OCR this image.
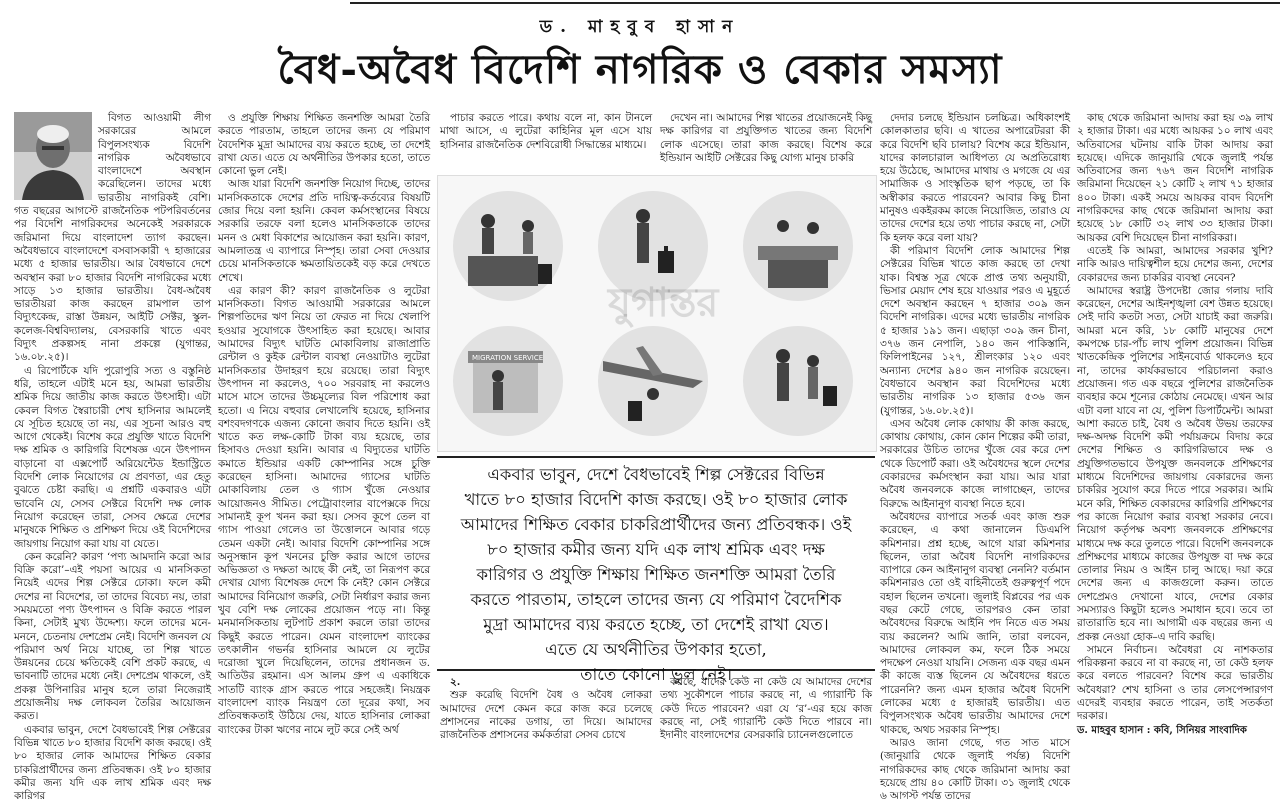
ড. মাহবুব হাসান
বৈধ-অবৈধ বিদেশি নাগরিক ও বেকার সমস্যা

বিগত আওয়ামী লীগ সরকারের আমলে বিপুলসংখ্যক বিদেশি নাগরিক অবৈধভাবে বাংলাদেশে অবস্থান করেছিলেন। তাদের মধ্যে ভারতীয় নাগরিকই বেশি। গত বছরের আগস্টে রাজনৈতিক পটপরিবর্তনের পর বিদেশি নাগরিকদের অনেকেই সরকারকে জরিমানা দিয়ে বাংলাদেশ ত্যাগ করছেন। অবৈধভাবে বাংলাদেশে বসবাসকারী ৭ হাজারের মধ্যে ৫ হাজার ভারতীয়। আর বৈধভাবে দেশে অবস্থান করা ৮০ হাজার বিদেশি নাগরিকের মধ্যে সাড়ে ১৩ হাজার ভারতীয়। বৈধ-অবৈধ ভারতীয়রা কাজ করছেন রামপাল তাপ বিদ্যুৎকেন্দ্র, রাস্তা উন্নয়ন, আইটি সেক্টর, স্কুল-কলেজ-বিশ্ববিদ্যালয়, বেসরকারি খাতে এবং বিদ্যুৎ প্রকল্পসহ নানা প্রকল্পে (যুগান্তর, ১৬.০৮.২৫)।

এ রিপোর্টকে যদি পুরোপুরি সত্য ও বস্তুনিষ্ঠ ধরি, তাহলে এটাই মনে হয়, আমরা ভারতীয় শ্রমিক দিয়ে জাতীয় কাজ করতে উৎসাহী। এটা কেবল বিগত স্বৈরাচারী শেখ হাসিনার আমলেই যে সূচিত হয়েছে তা নয়, এর সূচনা আরও বহু আগে থেকেই। বিশেষ করে প্রযুক্তি খাতে বিদেশি দক্ষ শ্রমিক ও কারিগরি বিশেষজ্ঞ এনে উৎপাদন বাড়ানো বা এক্সপোর্ট অরিয়েন্টেড ইন্ডাস্ট্রিতে বিদেশি লোক নিয়োগের যে প্রবণতা, এর হেতু বুঝতে চেষ্টা করছি। এ প্রশ্নটি একবারও এটা ভাবেনি যে, সেসব সেক্টরে বিদেশি দক্ষ লোক নিয়োগ করেছেন তারা, সেসব ক্ষেত্রে দেশের মানুষকে শিক্ষিত ও প্রশিক্ষণ দিয়ে ওই বিদেশিদের জায়গায় নিয়োগ করা যায় বা যেতে।

কেন করেনি? কারণ ‘পণ্য আমদানি করো আর বিক্রি করো’–এই পয়সা আয়ের এ মানসিকতা নিয়েই এদের শিল্প সেক্টরে ঢোকা। ফলে কমী দেশের না বিদেশের, তা তাদের বিবেচ্য নয়, তারা সময়মতো পণ্য উৎপাদন ও বিক্রি করতে পারল কিনা, সেটাই মুখ্য উদ্দেশ্য। ফলে তাদের মনে-মননে, চেতনায় দেশপ্রেম নেই। বিদেশি জনবল যে পরিমাণ অর্থ নিয়ে যাচ্ছে, তা শিল্প খাতে উন্নয়নের চেয়ে ক্ষতিকেই বেশি প্রকট করছে, এ ভাবনাটি তাদের মধ্যে নেই। দেশপ্রেম থাকলে, ওই প্রকল্প উপিনারির মানুষ হলে তারা নিজেরাই প্রয়োজনীয় দক্ষ লোকবল তৈরির আয়োজন করত।

একবার ভাবুন, দেশে বৈধভাবেই শিল্প সেক্টরের বিভিন্ন খাতে ৮০ হাজার বিদেশি কাজ করছে। ওই ৮০ হাজার লোক আমাদের শিক্ষিত বেকার চাকরিপ্রার্থীদের জন্য প্রতিবন্ধক। ওই ৮০ হাজার কমীর জন্য যদি এক লাখ শ্রমিক এবং দক্ষ কারিগর

ও প্রযুক্তি শিক্ষায় শিক্ষিত জনশক্তি আমরা তৈরি করতে পারতাম, তাহলে তাদের জন্য যে পরিমাণ বৈদেশিক মুদ্রা আমাদের ব্যয় করতে হচ্ছে, তা দেশেই রাখা যেত। এতে যে অর্থনীতির উপকার হতো, তাতে কোনো ভুল নেই।

আজ যারা বিদেশি জনশক্তি নিয়োগ দিচ্ছে, তাদের মানসিকতাকে দেশের প্রতি দায়িত্ব-কর্তব্যের বিষয়টি জোর দিয়ে বলা হয়নি। কেবল কর্মসংস্থানের বিষয়ে সরকারি তরফে বলা হলেও মানসিকতাকে তাদের মনন ও মেধা বিকাশের আয়োজন করা হয়নি। কারণ, আমলাতন্ত্র এ ব্যাপারে নিস্পৃহ। তারা সেবা দেওয়ার চেয়ে মানসিকতাকে ক্ষমতায়িতকেই বড় করে দেখতে শেখে।

এর কারণ কী? কারণ রাজনৈতিক ও লুটেরা মানসিকতা। বিগত আওয়ামী সরকারের আমলে শিল্পপতিদের ঋণ নিয়ে তা ফেরত না দিয়ে খেলাপি হওয়ার সুযোগকে উৎসাহিত করা হয়েছে। আবার আমাদের বিদ্যুৎ ঘাটতি মোকাবিলায় রাজাপ্রাতি রেন্টাল ও কুইক রেন্টাল ব্যবস্থা নেওয়াটাও লুটেরা মানসিকতার উদাহরণ হয়ে রয়েছে। তারা বিদ্যুৎ উৎপাদন না করলেও, ৭০০ সরবরাহ না করলেও মাসে মাসে তাদের উচ্চমূল্যের বিল পরিশোধ করা হতো। এ নিয়ে বহুবার লেখালেখি হয়েছে, হাসিনার বশংবদগণকে এজন্য কোনো জবাব দিতে হয়নি। ওই খাতে কত লক্ষ-কোটি টাকা ব্যয় হয়েছে, তার হিসাবও দেওয়া হয়নি। আবার এ বিদ্যুতের ঘাটতি কমাতে ইন্ডিয়ার একটি কোম্পানির সঙ্গে চুক্তি করেছেন হাসিনা। আমাদের গ্যাসের ঘাটতি মোকাবিলায় তেল ও গ্যাস খুঁজে নেওয়ার আয়োজনও সীমিত। পেট্রোবাংলার বাপেক্সকে দিয়ে সামান্যই কূপ খনন করা হয়। সেসব কূপে তেল বা গ্যাস পাওয়া গেলেও তা উত্তোলনে আবার গড়ে তেমন একটা নেই। আবার বিদেশি কোম্পানির সঙ্গে অনুসন্ধান কূপ খননের চুক্তি করার আগে তাদের অভিজ্ঞতা ও দক্ষতা আছে কী নেই, তা নিরূপণ করে দেখার যোগ্য বিশেষজ্ঞ দেশে কি নেই? কোন সেক্টরে আমাদের বিনিয়োগ জরুরি, সেটা নির্ধারণ করার জন্য খুব বেশি দক্ষ লোকের প্রয়োজন পড়ে না। কিন্তু মনমানসিকতায় লুটপাট প্রকাশ করলে তারা তাদের কিছুই করতে পারেন। যেমন বাংলাদেশ ব্যাংকের তৎকালীন গভর্নর হাসিনার আমলে যে লুটের দরোজা খুলে দিয়েছিলেন, তাদের প্রধানজন ড. আতিউর রহমান। এস আলম গ্রুপ এ একাধিকে সাতটি ব্যাংক গ্রাস করতে পারে সহজেই। নিয়ন্ত্রক বাংলাদেশ ব্যাংক নিয়ন্ত্রণ তো দূরের কথা, সব প্রতিবন্ধকতাই উঠিয়ে দেয়, যাতে হাসিনার লোকরা ব্যাংকের টাকা ঋণের নামে লুট করে সেই অর্থ

পাচার করতে পারে। কথায় বলে না, কান টানলে মাথা আসে, এ লুটেরা কাহিনির মূল এসে যায় হাসিনার রাজনৈতিক দেশবিরোধী সিদ্ধান্তের মাধ্যমে।

দেখেন না। আমাদের শিল্প খাতের প্রয়োজনেই কিছু দক্ষ কারিগর বা প্রযুক্তিগত খাতের জন্য বিদেশি লোক এসেছে। তারা কাজ করছে। বিশেষ করে ইন্ডিয়ান আইটি সেক্টরের কিছু যোগ্য মানুষ চাকরি

MIGRATION SERVICE
যুগান্তর
একবার ভাবুন, দেশে বৈধভাবেই শিল্প সেক্টরের বিভিন্ন
খাতে ৮০ হাজার বিদেশি কাজ করছে। ওই ৮০ হাজার লোক
আমাদের শিক্ষিত বেকার চাকরিপ্রার্থীদের জন্য প্রতিবন্ধক। ওই
৮০ হাজার কমীর জন্য যদি এক লাখ শ্রমিক এবং দক্ষ
কারিগর ও প্রযুক্তি শিক্ষায় শিক্ষিত জনশক্তি আমরা তৈরি
করতে পারতাম, তাহলে তাদের জন্য যে পরিমাণ বৈদেশিক
মুদ্রা আমাদের ব্যয় করতে হচ্ছে, তা দেশেই রাখা যেত।
এতে যে অর্থনীতির উপকার হতো,
তাতে কোনো ভুল নেই।

২.

শুরু করেছি বিদেশি বৈধ ও অবৈধ লোকরা আমাদের দেশে কেমন করে কাজ করে চলেছে প্রশাসনের নাকের ডগায়, তা দিয়ে। আমাদের রাজনৈতিক প্রশাসনের কর্মকর্তারা সেসব চোখে

করছে, যাদের কেউ না কেউ যে আমাদের দেশের তথ্য সুকৌশলে পাচার করছে না, এ গ্যারান্টি কি কেউ দিতে পারবেন? এরা যে ‘র’-এর হয়ে কাজ করছে না, সেই গ্যারান্টি কেউ দিতে পারবে না। ইদানীং বাংলাদেশের বেসরকারি চ্যানেলগুলোতে

দেদার চলছে ইন্ডিয়ান চলচ্চিত্র। অধিকাংশই কোলকাতার ছবি। এ খাতের অপারেটররা কী করে বিদেশি ছবি চালায়? বিশেষ করে ইন্ডিয়ান, যাদের কালচারাল আধিপত্য যে অপ্রতিরোধ্য হয়ে উঠেছে, আমাদের মাথায় ও মগজে যে এর সামাজিক ও সাংস্কৃতিক ছাপ পড়ছে, তা কি অস্বীকার করতে পারবেন? আবার কিছু চীনা মানুষও একইরকম কাজে নিয়োজিত, তারাও যে তাদের দেশের হয়ে তথ্য পাচার করছে না, সেটা কি হলফ করে বলা যায়?

কী পরিমাণ বিদেশি লোক আমাদের শিল্প সেক্টরের বিভিন্ন খাতে কাজ করছে তা দেখা যাক। বিশ্বস্ত সূত্র থেকে প্রাপ্ত তথ্য অনুযায়ী, ভিসার মেয়াদ শেষ হয়ে যাওয়ার পরও এ মুহূর্তে দেশে অবস্থান করছেন ৭ হাজার ৩০৯ জন বিদেশি নাগরিক। এদের মধ্যে ভারতীয় নাগরিক ৫ হাজার ১৯১ জন। এছাড়া ৩০৯ জন চীনা, ৩৭৬ জন নেপালি, ১৪০ জন পাকিস্তানি, ফিলিপাইনের ১২৭, শ্রীলংকার ১২০ এবং অন্যান্য দেশের ৯৪০ জন নাগরিক রয়েছেন। বৈধভাবে অবস্থান করা বিদেশিদের মধ্যে ভারতীয় নাগরিক ১৩ হাজার ৫৩৬ জন (যুগান্তর, ১৬.০৮.২৫)।

এসব অবৈধ লোক কোথায় কী কাজ করছে, কোথায় কোথায়, কোন কোন শিল্পের কমী তারা, সরকারের উচিত তাদের খুঁজে বের করে দেশ থেকে ডিপোর্ট করা। ওই অবৈধদের স্থলে দেশের বেকারদের কর্মসংস্থান করা যায়। আর যারা অবৈধ জনবলকে কাজে লাগাচ্ছেন, তাদের বিরুদ্ধে আইনানুগ ব্যবস্থা নিতে হবে।

অবৈধদের ব্যাপারে সতর্ক এবং কাজ শুরু করেছেন, এ কথা জানালেন ডিএমপি কমিশনার। প্রশ্ন হচ্ছে, আগে যারা কমিশনার ছিলেন, তারা অবৈধ বিদেশি নাগরিকদের ব্যাপারে কেন আইনানুগ ব্যবস্থা নেননি? বর্তমান কমিশনারও তো ওই বাহিনীতেই গুরুত্বপূর্ণ পদে বহাল ছিলেন তখনো। জুলাই বিপ্লবের পর এক বছর কেটে গেছে, তারপরও কেন তারা অবৈধদের বিরুদ্ধে আইনি পদ নিতে এত সময় ব্যয় করলেন? আমি জানি, তারা বলবেন, আমাদের লোকবল কম, ফলে ঠিক সময়ে পদক্ষেপ নেওয়া যায়নি। সেজন্য এক বছর এমন কী কাজে ব্যস্ত ছিলেন যে অবৈধদের ধরতে পারেননি? জন্য এমন হাজার অবৈধ বিদেশি লোকের মধ্যে ৫ হাজারই ভারতীয়। এত বিপুলসংখ্যক অবৈধ ভারতীয় আমাদের দেশে থাকছে, অথচ সরকার নিস্পৃহ।

আরও জানা গেছে, গত সাত মাসে (জানুয়ারি থেকে জুলাই পর্যন্ত) বিদেশি নাগরিকদের কাছ থেকে জরিমানা আদায় করা হয়েছে প্রায় ৪০ কোটি টাকা। ৩১ জুলাই থেকে ৬ আগস্ট পর্যন্ত তাদের

কাছ থেকে জরিমানা আদায় করা হয় ৩৯ লাখ ২ হাজার টাকা। এর মধ্যে আয়কর ১০ লাখ এবং অতিবাসের ঘটনায় বাকি টাকা আদায় করা হয়েছে। এদিকে জানুয়ারি থেকে জুলাই পর্যন্ত অতিবাসের জন্য ৭৬৭ জন বিদেশি নাগরিক জরিমানা দিয়েছেন ২১ কোটি ২ লাখ ৭১ হাজার ৪০০ টাকা। একই সময়ে আয়কর বাবদ বিদেশি নাগরিকদের কাছ থেকে জরিমানা আদায় করা হয়েছে ১৮ কোটি ৩২ লাখ ৩৩ হাজার টাকা। আয়কর বেশি দিয়েছেন চীনা নাগরিকরা।

এতেই কি আমরা, আমাদের সরকার খুশি? নাকি আরও দায়িত্বশীল হয়ে দেশের জন্য, দেশের বেকারদের জন্য চাকরির ব্যবস্থা নেবেন?

আমাদের স্বরাষ্ট্র উপদেষ্টা জোর গলায় দাবি করেছেন, দেশের আইনশৃঙ্খলা বেশ উন্নত হয়েছে। সেই দাবি কতটা সত্য, সেটা যাচাই করা জরুরি। আমরা মনে করি, ১৮ কোটি মানুষের দেশে কমপক্ষে চার-পাঁচ লাখ পুলিশ প্রয়োজন। বিভিন্ন খাতকেন্দ্রিক পুলিশের সাইনবোর্ড থাকলেও হবে না, তাদের কার্যকরভাবে পরিচালনা করাও প্রয়োজন। গত এক বছরে পুলিশের রাজনৈতিক ব্যবহার কমে শূন্যের কোঠায় নেমেছে। এখন আর এটা বলা যাবে না যে, পুলিশ ডিপার্টমেন্ট। আমরা আশা করতে চাই, বৈধ ও অবৈধ উভয় তরফের দক্ষ-অদক্ষ বিদেশি কমী পর্যায়ক্রমে বিদায় করে দেশের শিক্ষিত ও কারিগরিভাবে দক্ষ ও প্রযুক্তিগতভাবে উপযুক্ত জনবলকে প্রশিক্ষণের মাধ্যমে বিদেশিদের জায়গায় বেকারদের জন্য চাকরির সুযোগ করে দিতে পারে সরকার। আমি মনে করি, শিক্ষিত বেকারদের কারিগরি প্রশিক্ষণের পর কাজে নিয়োগ করার ব্যবস্থা সরকার নেবে। নিয়োগ কর্তৃপক্ষ অবশ্য জনবলকে প্রশিক্ষণের মাধ্যমে দক্ষ করে তুলতে পারে। বিদেশি জনবলকে প্রশিক্ষণের মাধ্যমে কাজের উপযুক্ত বা দক্ষ করে তোলার নিয়ম ও আইন চালু আছে। দয়া করে দেশের জন্য এ কাজগুলো করুন। তাতে দেশপ্রেমও দেখানো যাবে, দেশের বেকার সমস্যারও কিছুটা হলেও সমাধান হবে। তবে তা রাতারাতি হবে না। আগামী এক বছরের জন্য এ প্রকল্প নেওয়া হোক–এ দাবি করছি।

সামনে নির্বাচন। অবৈধরা যে নাশকতার পরিকল্পনা করবে না বা করছে না, তা কেউ হলফ করে বলতে পারবেন? বিশেষ করে ভারতীয় অবৈধরা? শেখ হাসিনা ও তার লেসপেন্সারগণ এদেরই ব্যবহার করতে পারেন, তাই সতর্কতা দরকার।

ড. মাহবুব হাসান : কবি, সিনিয়র সাংবাদিক
